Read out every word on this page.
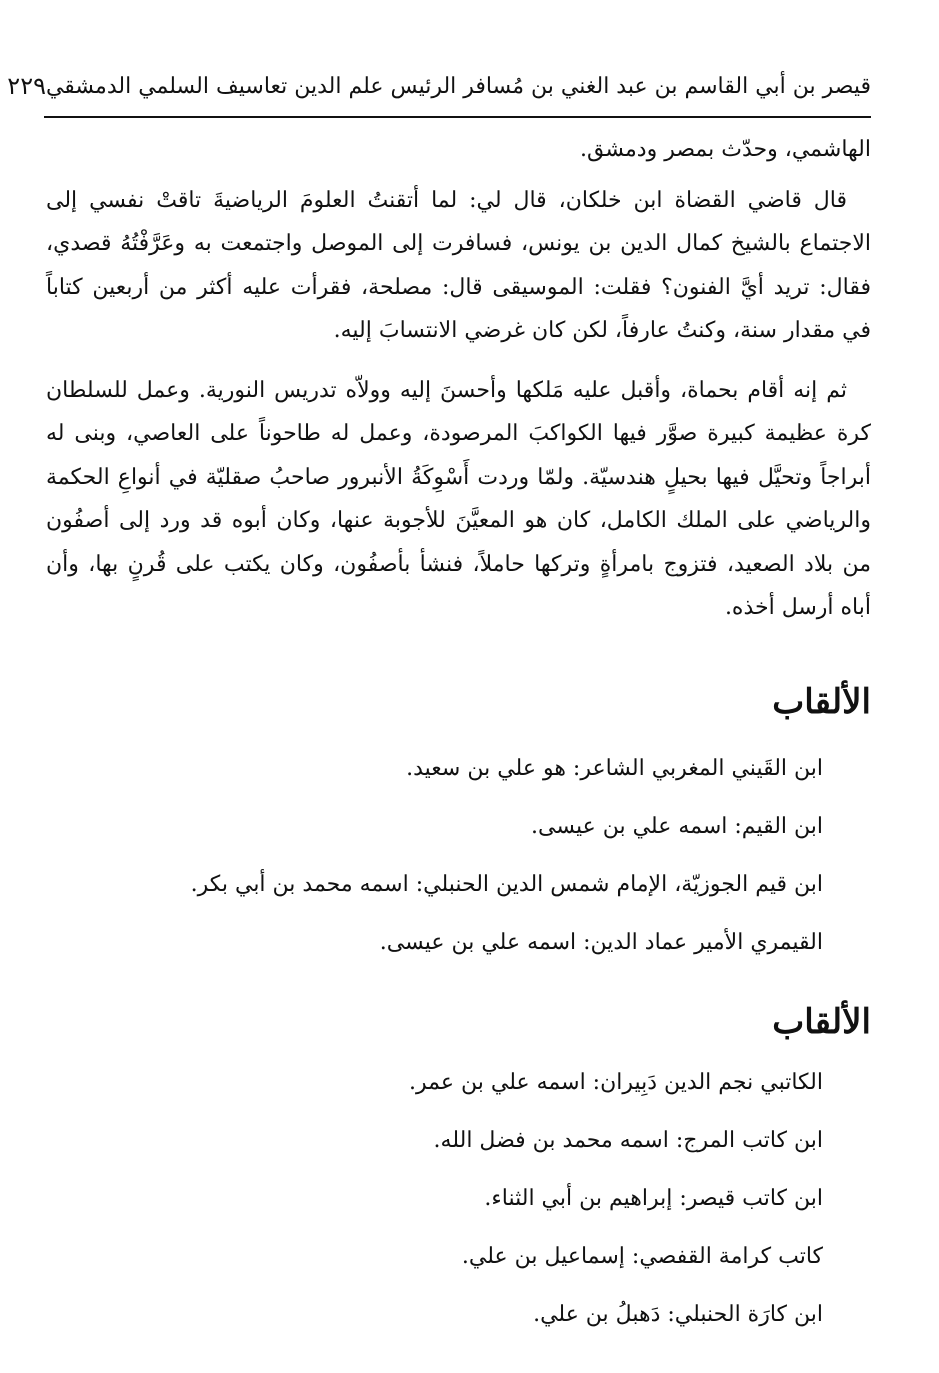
قيصر بن أبي القاسم بن عبد الغني بن مُسافر الرئيس علم الدين تعاسيف السلمي الدمشقي
٢٢٩

الهاشمي، وحدّث بمصر ودمشق.

قال قاضي القضاة ابن خلكان، قال لي: لما أتقنتُ العلومَ الرياضيةَ تاقتْ نفسي إلى الاجتماع بالشيخ كمال الدين بن يونس، فسافرت إلى الموصل واجتمعت به وعَرَّفْتُهُ قصدي، فقال: تريد أيَّ الفنون؟ فقلت: الموسيقى قال: مصلحة، فقرأت عليه أكثر من أربعين كتاباً في مقدار سنة، وكنتُ عارفاً، لكن كان غرضي الانتسابَ إليه.

ثم إنه أقام بحماة، وأقبل عليه مَلكها وأحسنَ إليه وولاّه تدريس النورية. وعمل للسلطان كرة عظيمة كبيرة صوَّر فيها الكواكبَ المرصودة، وعمل له طاحوناً على العاصي، وبنى له أبراجاً وتحيَّل فيها بحيلٍ هندسيّة. ولمّا وردت أَسْوِكَةُ الأنبرور صاحبُ صقليّة في أنواعِ الحكمة والرياضي على الملك الكامل، كان هو المعيَّنَ للأجوبة عنها، وكان أبوه قد ورد إلى أصفُون من بلاد الصعيد، فتزوج بامرأةٍ وتركها حاملاً، فنشأ بأصفُون، وكان يكتب على قُرنٍ بها، وأن أباه أرسل أخذه.

الألقاب
ابن القَيني المغربي الشاعر: هو علي بن سعيد.
ابن القيم: اسمه علي بن عيسى.
ابن قيم الجوزيّة، الإمام شمس الدين الحنبلي: اسمه محمد بن أبي بكر.
القيمري الأمير عماد الدين: اسمه علي بن عيسى.
الألقاب
الكاتبي نجم الدين دَبِيران: اسمه علي بن عمر.
ابن كاتب المرج: اسمه محمد بن فضل الله.
ابن كاتب قيصر: إبراهيم بن أبي الثناء.
كاتب كرامة القفصي: إسماعيل بن علي.
ابن كارَة الحنبلي: دَهبلُ بن علي.
